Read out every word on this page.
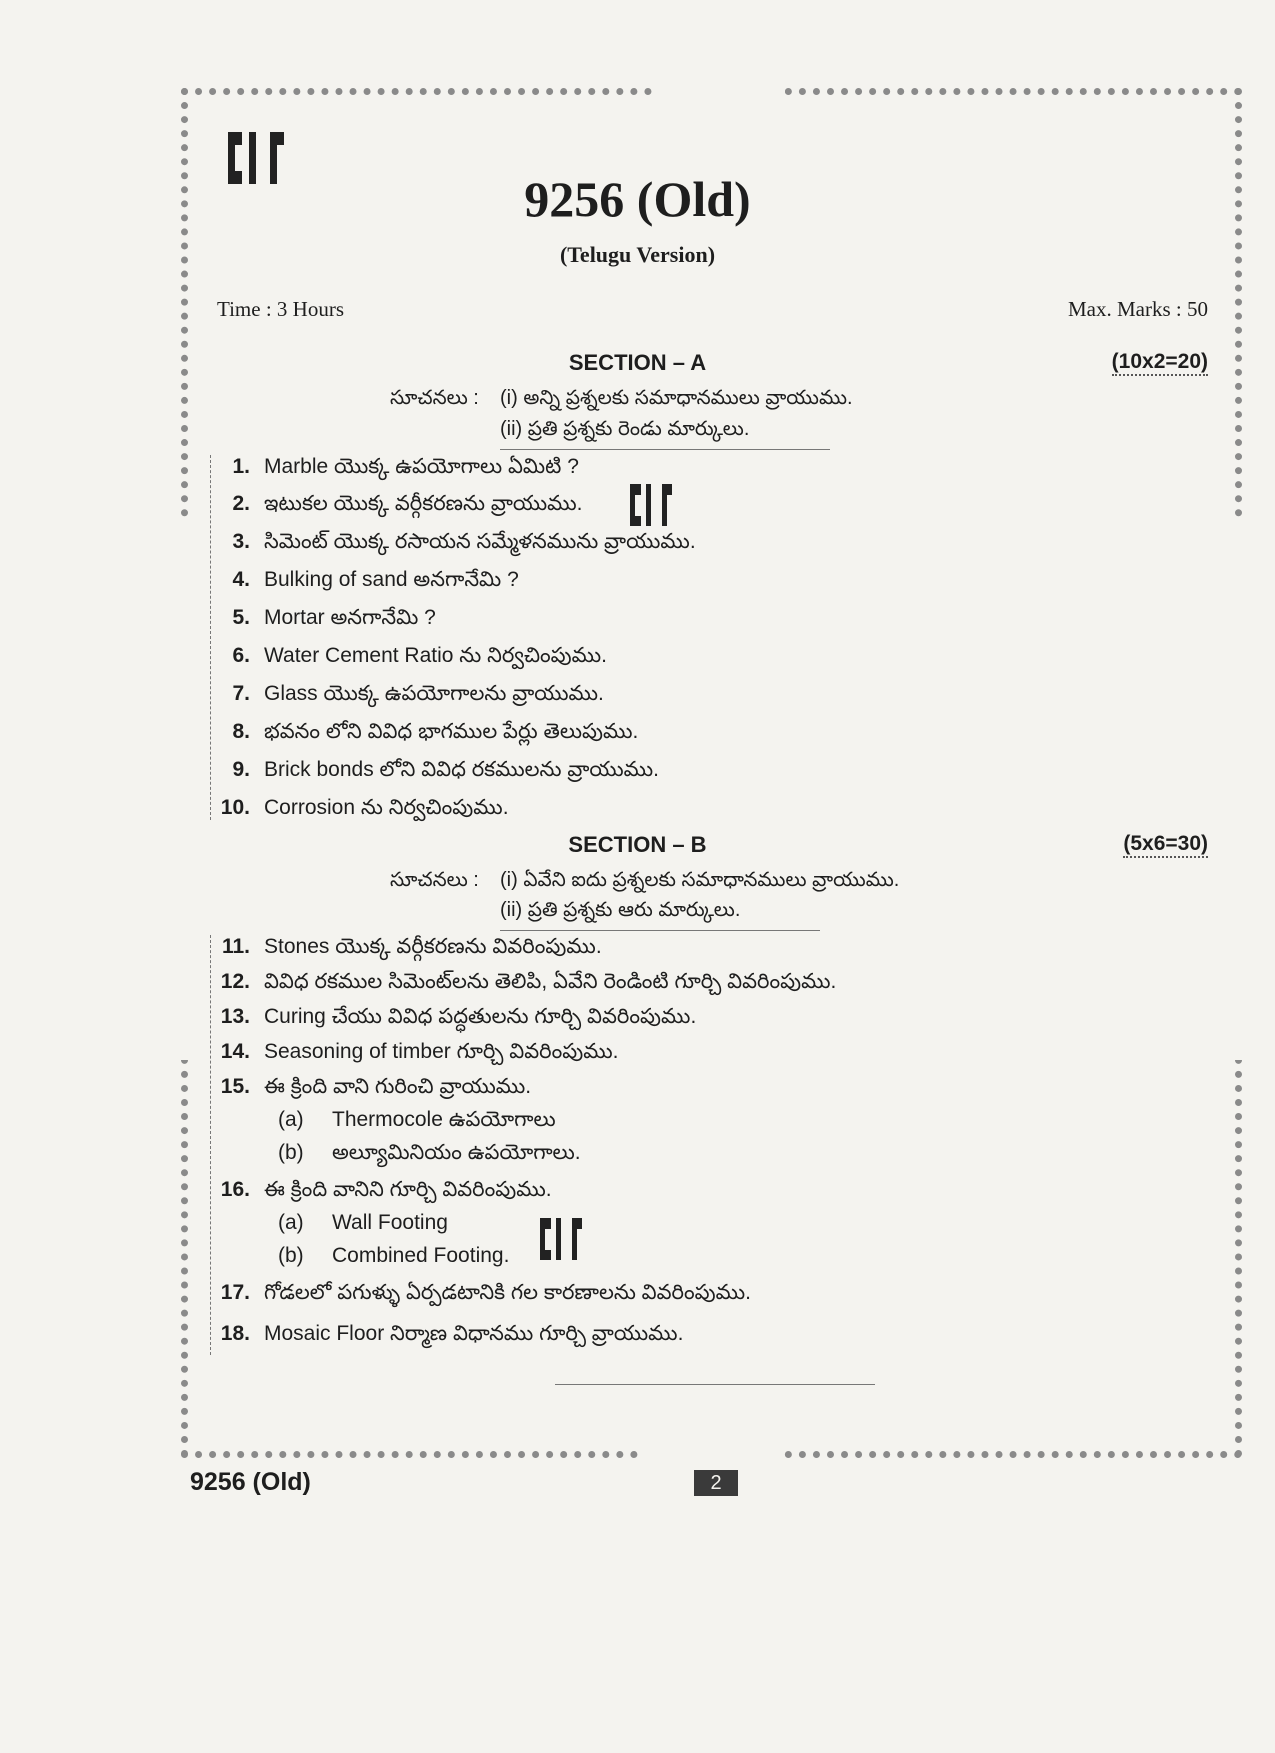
9256 (Old)
(Telugu Version)
Time : 3 Hours	Max. Marks : 50
SECTION – A	(10x2=20)
సూచనలు : (i) అన్ని ప్రశ్నలకు సమాధానములు వ్రాయుము.
(ii) ప్రతి ప్రశ్నకు రెండు మార్కులు.
1. Marble యొక్క ఉపయోగాలు ఏమిటి ?
2. ఇటుకల యొక్క వర్గీకరణను వ్రాయుము.
3. సిమెంట్ యొక్క రసాయన సమ్మేళనమును వ్రాయుము.
4. Bulking of sand అనగానేమి ?
5. Mortar అనగానేమి ?
6. Water Cement Ratio ను నిర్వచింపుము.
7. Glass యొక్క ఉపయోగాలను వ్రాయుము.
8. భవనం లోని వివిధ భాగముల పేర్లు తెలుపుము.
9. Brick bonds లోని వివిధ రకములను వ్రాయుము.
10. Corrosion ను నిర్వచింపుము.
SECTION – B	(5x6=30)
సూచనలు : (i) ఏవేని ఐదు ప్రశ్నలకు సమాధానములు వ్రాయుము.
(ii) ప్రతి ప్రశ్నకు ఆరు మార్కులు.
11. Stones యొక్క వర్గీకరణను వివరింపుము.
12. వివిధ రకముల సిమెంట్‌లను తెలిపి, ఏవేని రెండింటి గూర్చి వివరింపుము.
13. Curing చేయు వివిధ పద్ధతులను గూర్చి వివరింపుము.
14. Seasoning of timber గూర్చి వివరింపుము.
15. ఈ క్రింది వాని గురించి వ్రాయుము.
(a) Thermocole ఉపయోగాలు
(b) అల్యూమినియం ఉపయోగాలు.
16. ఈ క్రింది వానిని గూర్చి వివరింపుము.
(a) Wall Footing
(b) Combined Footing.
17. గోడలలో పగుళ్ళు ఏర్పడటానికి గల కారణాలను వివరింపుము.
18. Mosaic Floor నిర్మాణ విధానము గూర్చి వ్రాయుము.
9256 (Old)	2
